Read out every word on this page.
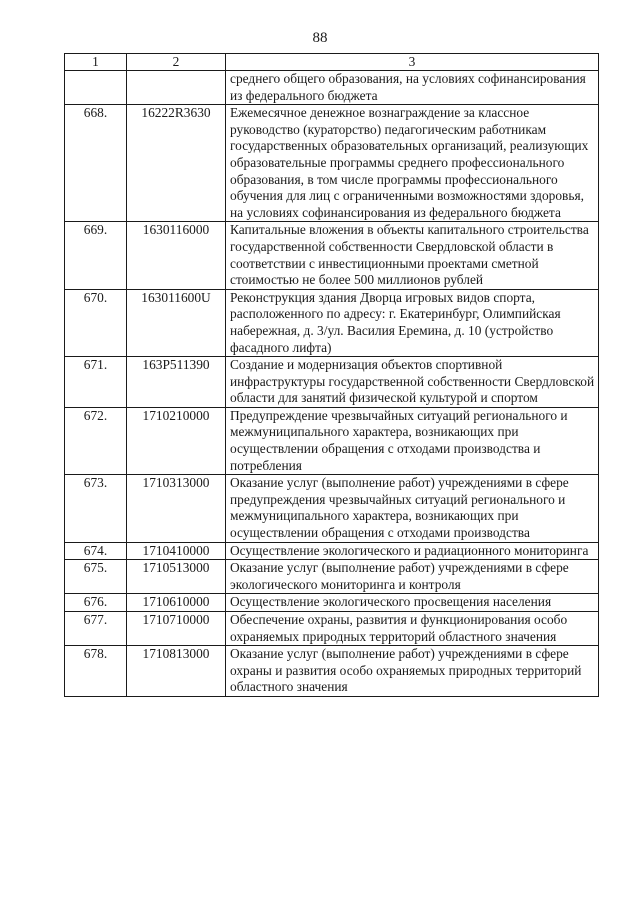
88
1	2	3
		среднего общего образования, на условиях софинансирования из федерального бюджета
668.	16222R3630	Ежемесячное денежное вознаграждение за классное руководство (кураторство) педагогическим работникам государственных образовательных организаций, реализующих образовательные программы среднего профессионального образования, в том числе программы профессионального обучения для лиц с ограниченными возможностями здоровья, на условиях софинансирования из федерального бюджета
669.	1630116000	Капитальные вложения в объекты капитального строительства государственной собственности Свердловской области в соответствии с инвестиционными проектами сметной стоимостью не более 500 миллионов рублей
670.	163011600U	Реконструкция здания Дворца игровых видов спорта, расположенного по адресу: г. Екатеринбург, Олимпийская набережная, д. 3/ул. Василия Еремина, д. 10 (устройство фасадного лифта)
671.	163P511390	Создание и модернизация объектов спортивной инфраструктуры государственной собственности Свердловской области для занятий физической культурой и спортом
672.	1710210000	Предупреждение чрезвычайных ситуаций регионального и межмуниципального характера, возникающих при осуществлении обращения с отходами производства и потребления
673.	1710313000	Оказание услуг (выполнение работ) учреждениями в сфере предупреждения чрезвычайных ситуаций регионального и межмуниципального характера, возникающих при осуществлении обращения с отходами производства
674.	1710410000	Осуществление экологического и радиационного мониторинга
675.	1710513000	Оказание услуг (выполнение работ) учреждениями в сфере экологического мониторинга и контроля
676.	1710610000	Осуществление экологического просвещения населения
677.	1710710000	Обеспечение охраны, развития и функционирования особо охраняемых природных территорий областного значения
678.	1710813000	Оказание услуг (выполнение работ) учреждениями в сфере охраны и развития особо охраняемых природных территорий областного значения
